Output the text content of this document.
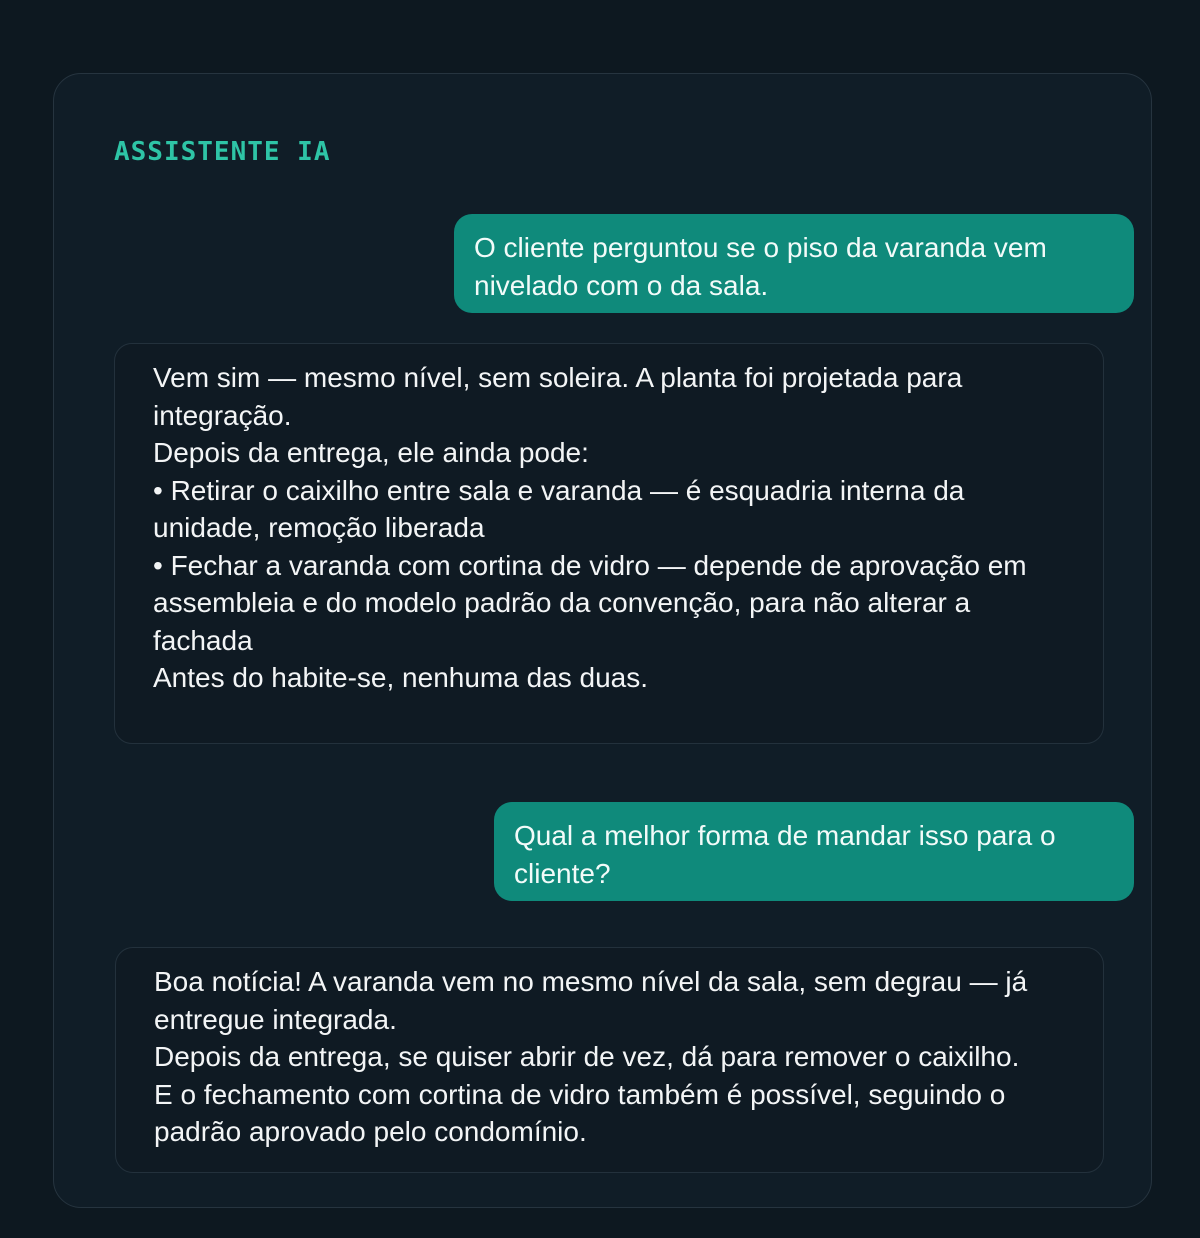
ASSISTENTE IA
O cliente perguntou se o piso da varanda vem
nivelado com o da sala.
Vem sim — mesmo nível, sem soleira. A planta foi projetada para
integração.
Depois da entrega, ele ainda pode:
• Retirar o caixilho entre sala e varanda — é esquadria interna da
unidade, remoção liberada
• Fechar a varanda com cortina de vidro — depende de aprovação em
assembleia e do modelo padrão da convenção, para não alterar a
fachada
Antes do habite-se, nenhuma das duas.
Qual a melhor forma de mandar isso para o
cliente?
Boa notícia! A varanda vem no mesmo nível da sala, sem degrau — já
entregue integrada.
Depois da entrega, se quiser abrir de vez, dá para remover o caixilho.
E o fechamento com cortina de vidro também é possível, seguindo o
padrão aprovado pelo condomínio.
